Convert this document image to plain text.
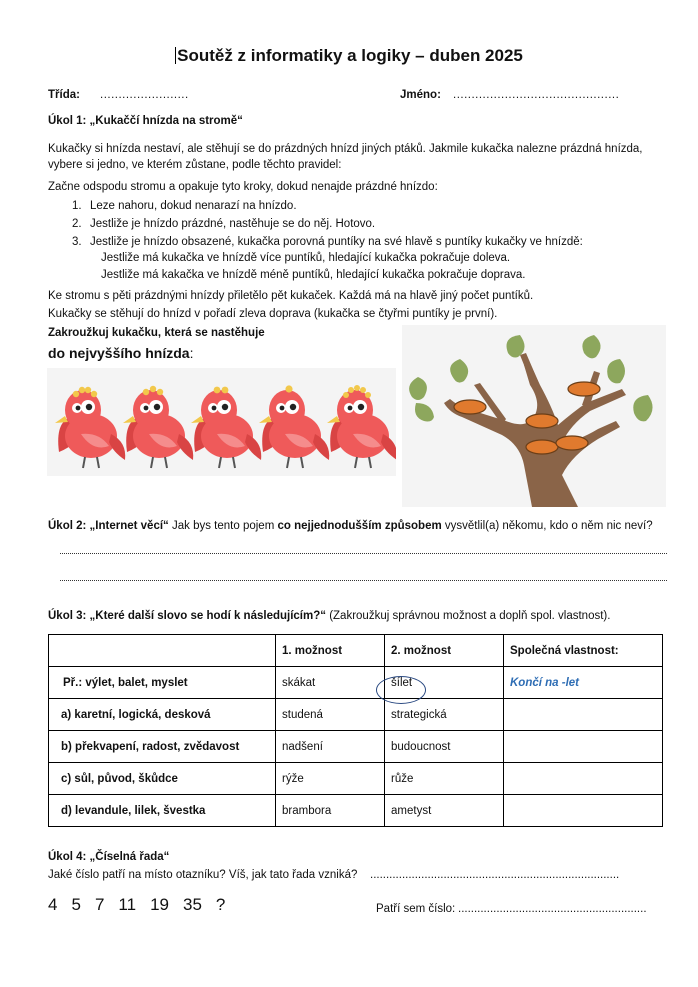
Soutěž z informatiky a logiky – duben 2025
Třída: ........................	Jméno: .............................................
Úkol 1: „Kukaččí hnízda na stromě“
Kukačky si hnízda nestaví, ale stěhují se do prázdných hnízd jiných ptáků. Jakmile kukačka nalezne prázdná hnízda,
vybere si jedno, ve kterém zůstane, podle těchto pravidel:
Začne odspodu stromu a opakuje tyto kroky, dokud nenajde prázdné hnízdo:
1. Leze nahoru, dokud nenarazí na hnízdo.
2. Jestliže je hnízdo prázdné, nastěhuje se do něj. Hotovo.
3. Jestliže je hnízdo obsazené, kukačka porovná puntíky na své hlavě s puntíky kukačky ve hnízdě:
Jestliže má kukačka ve hnízdě více puntíků, hledající kukačka pokračuje doleva.
Jestliže má kakačka ve hnízdě méně puntíků, hledající kukačka pokračuje doprava.
Ke stromu s pěti prázdnými hnízdy přiletělo pět kukaček. Každá má na hlavě jiný počet puntíků.
Kukačky se stěhují do hnízd v pořadí zleva doprava (kukačka se čtyřmi puntíky je první).
Zakroužkuj kukačku, která se nastěhuje
do nejvyššího hnízda:
Úkol 2: „Internet věcí“ Jak bys tento pojem co nejjednodušším způsobem vysvětlil(a) někomu, kdo o něm nic neví?
Úkol 3: „Které další slovo se hodí k následujícím?“ (Zakroužkuj správnou možnost a doplň spol. vlastnost).
	1. možnost	2. možnost	Společná vlastnost:
Př.: výlet, balet, myslet	skákat	šílet	Končí na -let
a) karetní, logická, desková	studená	strategická	
b) překvapení, radost, zvědavost	nadšení	budoucnost	
c) sůl, původ, škůdce	rýže	růže	
d) levandule, lilek, švestka	brambora	ametyst	
Úkol 4: „Číselná řada“
Jaké číslo patří na místo otazníku? Víš, jak tato řada vzniká? ..............................................................................
4 5 7 11 19 35 ?	Patří sem číslo: ...........................................................
